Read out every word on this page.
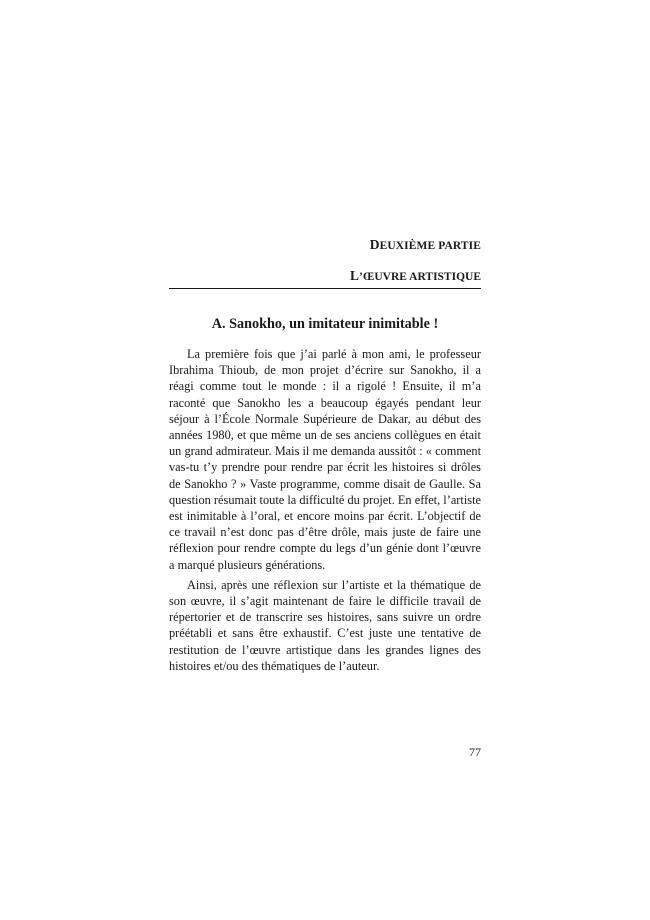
DEUXIÈME PARTIE
L’ŒUVRE ARTISTIQUE
A. Sanokho, un imitateur inimitable !

La première fois que j’ai parlé à mon ami, le professeur Ibrahima Thioub, de mon projet d’écrire sur Sanokho, il a réagi comme tout le monde : il a rigolé ! Ensuite, il m’a raconté que Sanokho les a beaucoup égayés pendant leur séjour à l’École Normale Supérieure de Dakar, au début des années 1980, et que même un de ses anciens collègues en était un grand admirateur. Mais il me demanda aussitôt : « comment vas-tu t’y prendre pour rendre par écrit les histoires si drôles de Sanokho ? » Vaste programme, comme disait de Gaulle. Sa question résumait toute la difficulté du projet. En effet, l’artiste est inimitable à l’oral, et encore moins par écrit. L’objectif de ce travail n’est donc pas d’être drôle, mais juste de faire une réflexion pour rendre compte du legs d’un génie dont l’œuvre a marqué plusieurs générations.

Ainsi, après une réflexion sur l’artiste et la thématique de son œuvre, il s’agit maintenant de faire le difficile travail de répertorier et de transcrire ses histoires, sans suivre un ordre préétabli et sans être exhaustif. C’est juste une tentative de restitution de l’œuvre artistique dans les grandes lignes des histoires et/ou des thématiques de l’auteur.

77
